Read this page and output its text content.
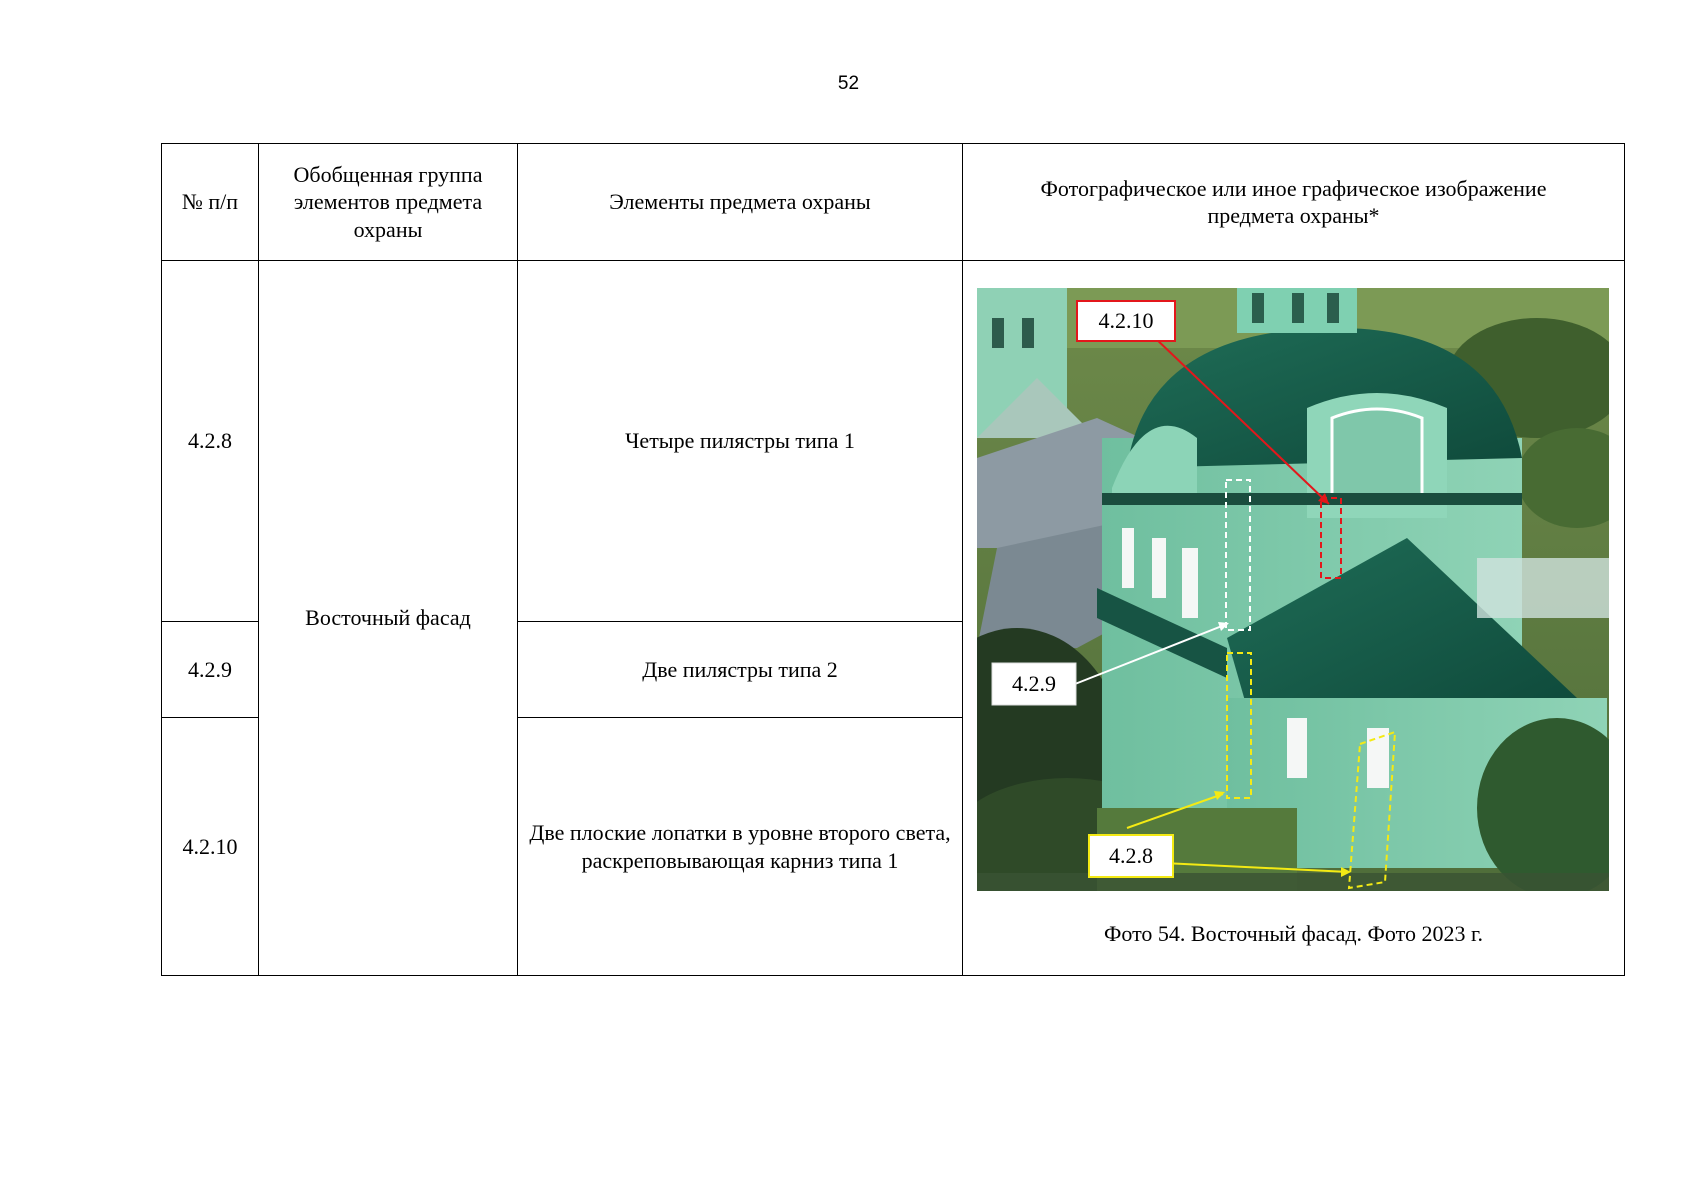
52
№ п/п	Обобщенная группа элементов предмета охраны	Элементы предмета охраны	Фотографическое или иное графическое изображение предмета охраны*
4.2.8	Восточный фасад	Четыре пилястры типа 1	4.2.10
4.2.9
4.2.8
Фото 54. Восточный фасад. Фото 2023 г.

4.2.9		Две пилястры типа 2	
4.2.10		Две плоские лопатки в уровне второго света, раскреповывающая карниз типа 1	
